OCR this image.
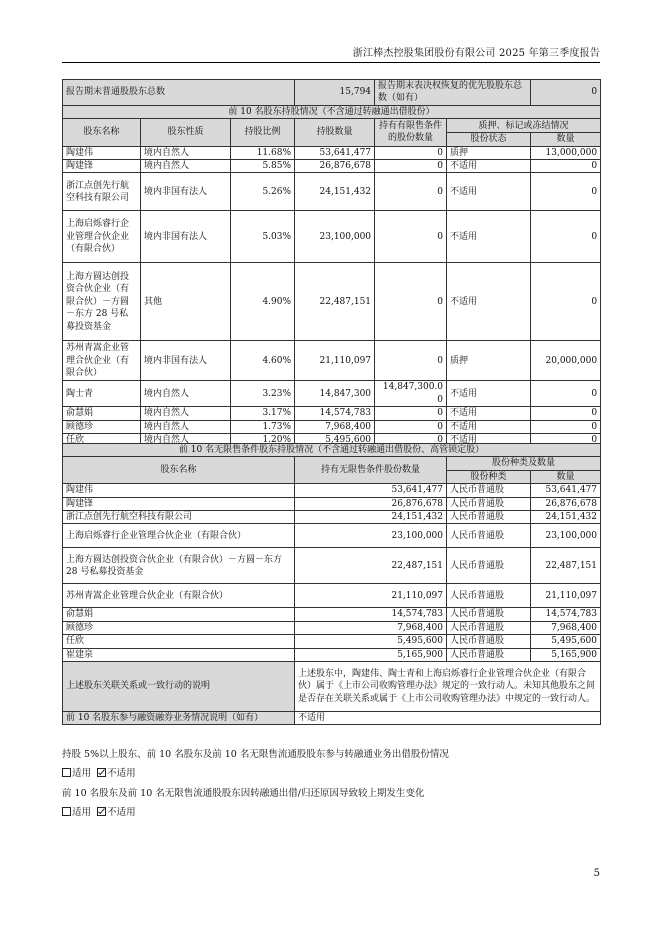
浙江棒杰控股集团股份有限公司 2025 年第三季度报告
报告期末普通股股东总数			15,794	报告期末表决权恢复的优先股股东总数（如有）		0
前 10 名股东持股情况（不含通过转融通出借股份）						
股东名称	股东性质	持股比例	持股数量	持有有限售条件的股份数量	质押、标记或冻结情况	
					股份状态	数量
陶建伟	境内自然人	11.68%	53,641,477	0	质押	13,000,000
陶建锋	境内自然人	5.85%	26,876,678	0	不适用	0
浙江点创先行航空科技有限公司	境内非国有法人	5.26%	24,151,432	0	不适用	0
上海启烁睿行企业管理合伙企业（有限合伙）	境内非国有法人	5.03%	23,100,000	0	不适用	0
上海方圆达创投资合伙企业（有限合伙）－方圆－东方 28 号私募投资基金	其他	4.90%	22,487,151	0	不适用	0
苏州青嵩企业管理合伙企业（有限合伙）	境内非国有法人	4.60%	21,110,097	0	质押	20,000,000
陶士青	境内自然人	3.23%	14,847,300	14,847,300.00	不适用	0
俞慧娟	境内自然人	3.17%	14,574,783	0	不适用	0
顾德珍	境内自然人	1.73%	7,968,400	0	不适用	0
任欣	境内自然人	1.20%	5,495,600	0	不适用	0
前 10 名无限售条件股东持股情况（不含通过转融通出借股份、高管锁定股）			
股东名称	持有无限售条件股份数量	股份种类及数量	
		股份种类	数量
陶建伟	53,641,477	人民币普通股	53,641,477
陶建锋	26,876,678	人民币普通股	26,876,678
浙江点创先行航空科技有限公司	24,151,432	人民币普通股	24,151,432
上海启烁睿行企业管理合伙企业（有限合伙）	23,100,000	人民币普通股	23,100,000
上海方圆达创投资合伙企业（有限合伙）－方圆－东方 28 号私募投资基金	22,487,151	人民币普通股	22,487,151
苏州青嵩企业管理合伙企业（有限合伙）	21,110,097	人民币普通股	21,110,097
俞慧娟	14,574,783	人民币普通股	14,574,783
顾德珍	7,968,400	人民币普通股	7,968,400
任欣	5,495,600	人民币普通股	5,495,600
崔建泉	5,165,900	人民币普通股	5,165,900
上述股东关联关系或一致行动的说明	上述股东中，陶建伟、陶士青和上海启烁睿行企业管理合伙企业（有限合伙）属于《上市公司收购管理办法》规定的一致行动人。未知其他股东之间是否存在关联关系或属于《上市公司收购管理办法》中规定的一致行动人。		
前 10 名股东参与融资融券业务情况说明（如有）	不适用		
持股 5%以上股东、前 10 名股东及前 10 名无限售流通股股东参与转融通业务出借股份情况
适用 不适用
前 10 名股东及前 10 名无限售流通股股东因转融通出借/归还原因导致较上期发生变化
适用 不适用
5
